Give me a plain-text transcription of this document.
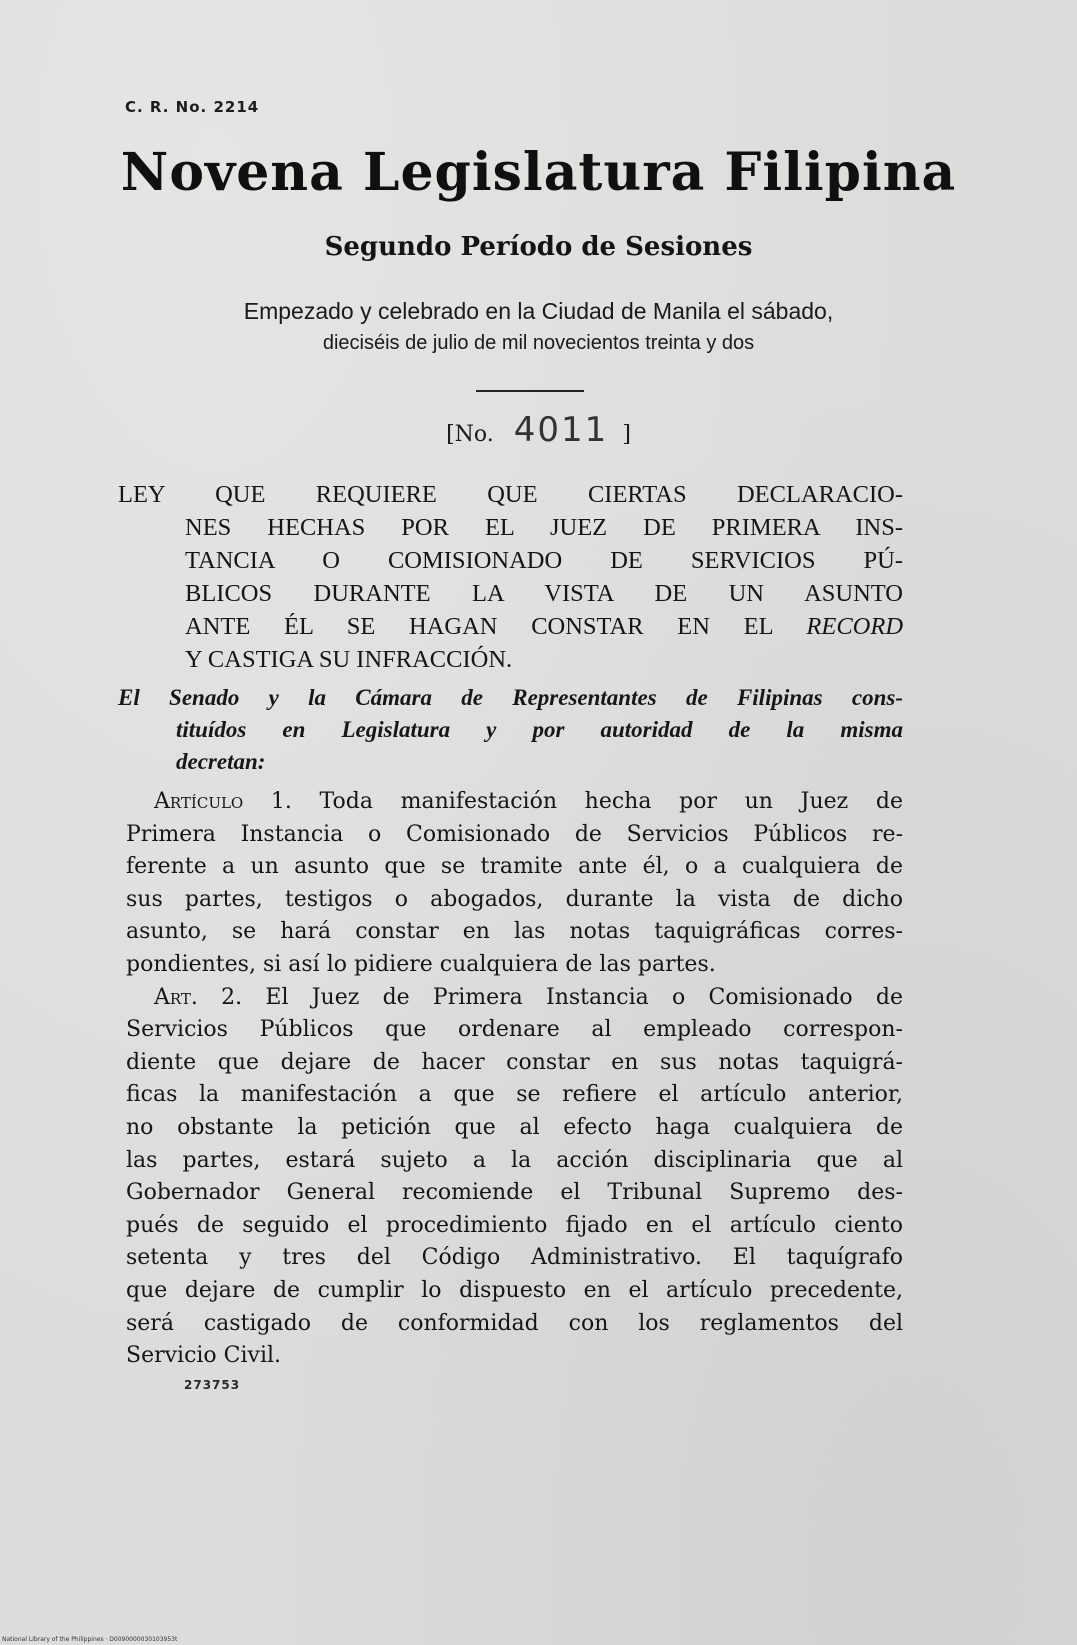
C. R. No. 2214
Novena Legislatura Filipina
Segundo Período de Sesiones
Empezado y celebrado en la Ciudad de Manila el sábado,
dieciséis de julio de mil novecientos treinta y dos
[No. 4011 ]
LEY QUE REQUIERE QUE CIERTAS DECLARACIO-
NES HECHAS POR EL JUEZ DE PRIMERA INS-
TANCIA O COMISIONADO DE SERVICIOS PÚ-
BLICOS DURANTE LA VISTA DE UN ASUNTO
ANTE ÉL SE HAGAN CONSTAR EN EL RECORD
Y CASTIGA SU INFRACCIÓN.
El Senado y la Cámara de Representantes de Filipinas cons-
tituídos en Legislatura y por autoridad de la misma
decretan:
Artículo 1. Toda manifestación hecha por un Juez de
Primera Instancia o Comisionado de Servicios Públicos re-
ferente a un asunto que se tramite ante él, o a cualquiera de
sus partes, testigos o abogados, durante la vista de dicho
asunto, se hará constar en las notas taquigráficas corres-
pondientes, si así lo pidiere cualquiera de las partes.
Art. 2. El Juez de Primera Instancia o Comisionado de
Servicios Públicos que ordenare al empleado correspon-
diente que dejare de hacer constar en sus notas taquigrá-
ficas la manifestación a que se refiere el artículo anterior,
no obstante la petición que al efecto haga cualquiera de
las partes, estará sujeto a la acción disciplinaria que al
Gobernador General recomiende el Tribunal Supremo des-
pués de seguido el procedimiento fijado en el artículo ciento
setenta y tres del Código Administrativo. El taquígrafo
que dejare de cumplir lo dispuesto en el artículo precedente,
será castigado de conformidad con los reglamentos del
Servicio Civil.
273753
National Library of the Philippines · D0090000030103953t
